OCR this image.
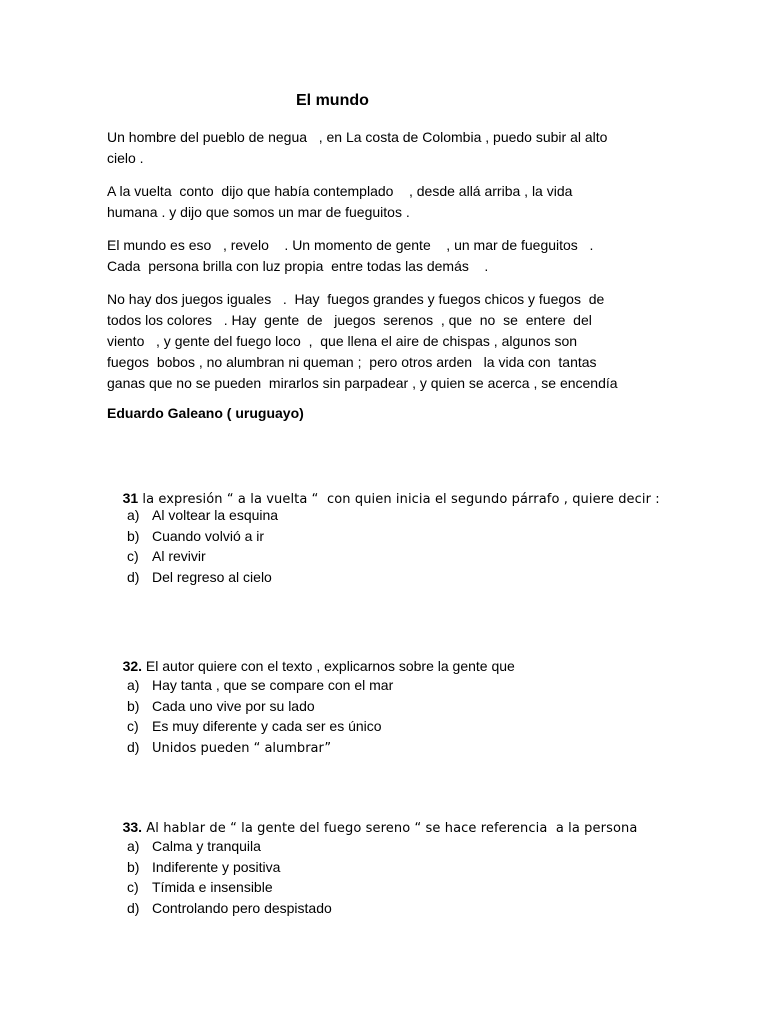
El mundo
Un hombre del pueblo de negua   , en La costa de Colombia , puedo subir al alto
cielo .
A la vuelta  conto  dijo que había contemplado    , desde allá arriba , la vida
humana . y dijo que somos un mar de fueguitos .
El mundo es eso   , revelo    . Un momento de gente    , un mar de fueguitos   .
Cada  persona brilla con luz propia  entre todas las demás    .
No hay dos juegos iguales   .  Hay  fuegos grandes y fuegos chicos y fuegos  de
todos los colores   . Hay  gente  de   juegos  serenos  , que  no  se  entere  del
viento   , y gente del fuego loco  ,  que llena el aire de chispas , algunos son
fuegos  bobos , no alumbran ni queman ;  pero otros arden   la vida con  tantas
ganas que no se pueden  mirarlos sin parpadear , y quien se acerca , se encendía
Eduardo Galeano ( uruguayo)

31 la expresión “ a la vuelta “  con quien inicia el segundo párrafo , quiere decir :

a) Al voltear la esquina
b) Cuando volvió a ir
c) Al revivir
d) Del regreso al cielo

32. El autor quiere con el texto , explicarnos sobre la gente que

a) Hay tanta , que se compare con el mar
b) Cada uno vive por su lado
c) Es muy diferente y cada ser es único
d) Unidos pueden “ alumbrar”

33. Al hablar de “ la gente del fuego sereno “ se hace referencia  a la persona

a) Calma y tranquila
b) Indiferente y positiva
c) Tímida e insensible
d) Controlando pero despistado
